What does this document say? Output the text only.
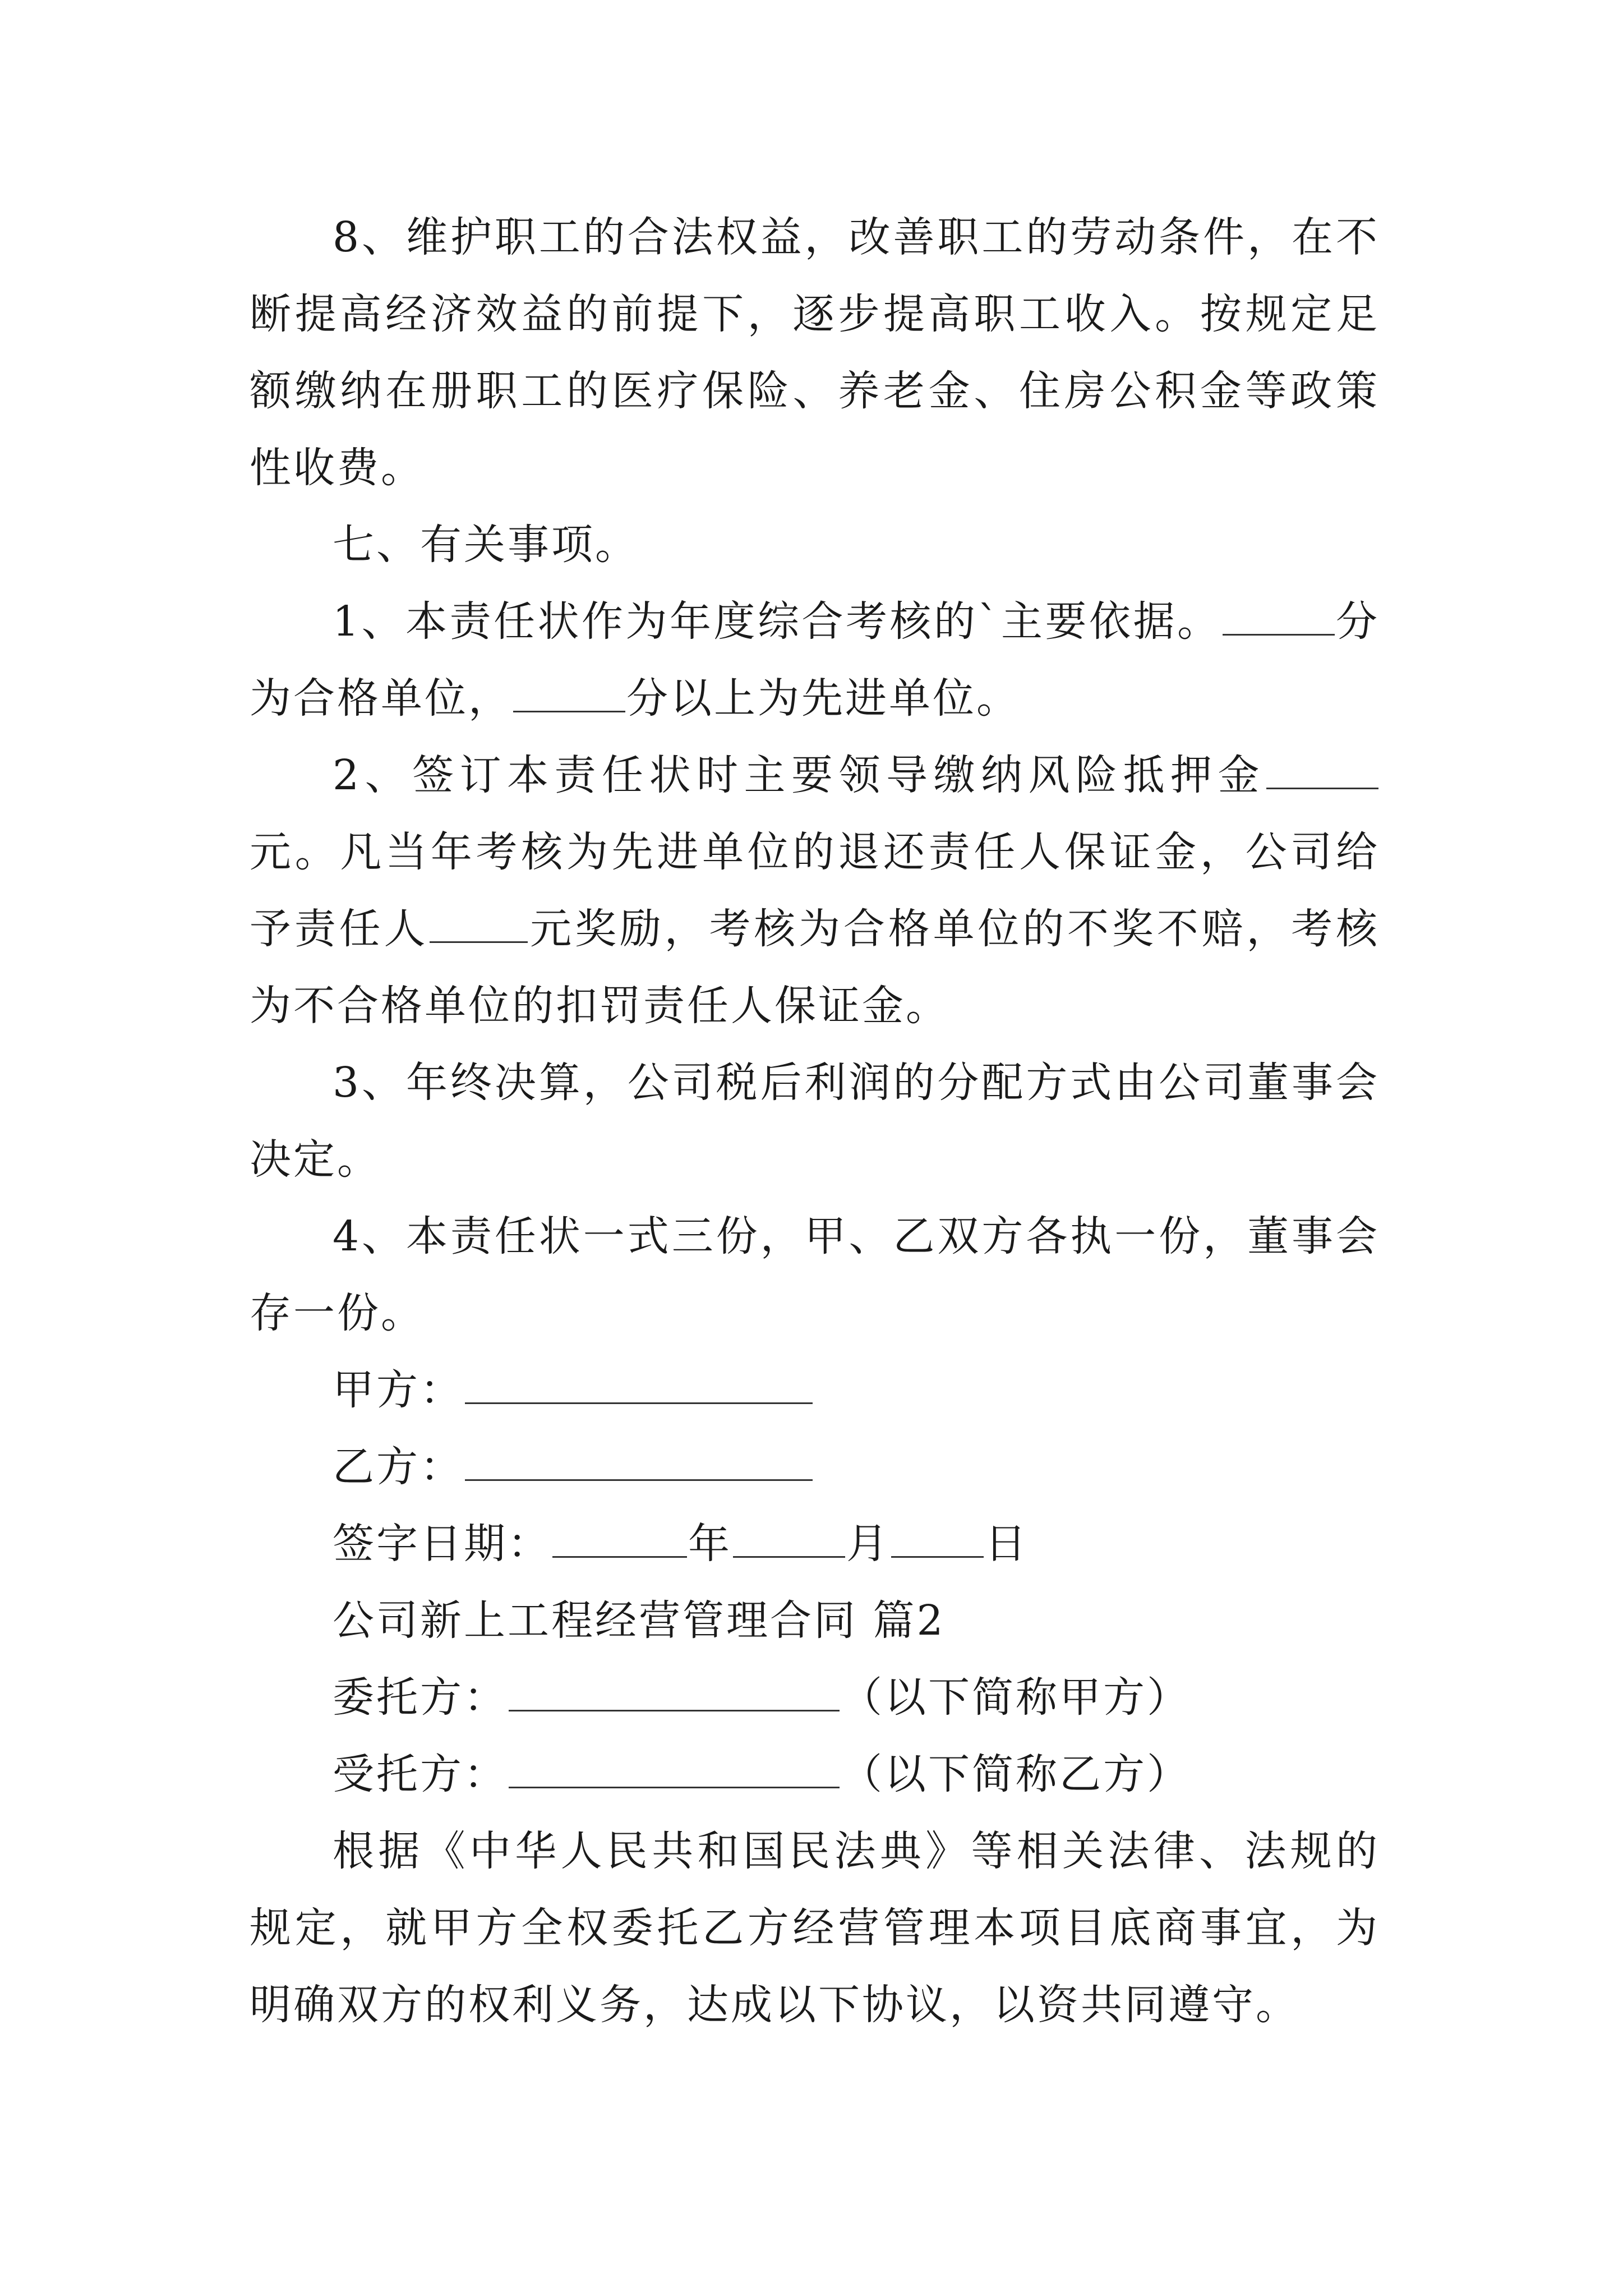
8、维护职工的合法权益，改善职工的劳动条件，在不断提高经济效益的前提下，逐步提高职工收入。按规定足额缴纳在册职工的医疗保险、养老金、住房公积金等政策性收费。

七、有关事项。

1、本责任状作为年度综合考核的`主要依据。	分为合格单位，	分以上为先进单位。

2、签订本责任状时主要领导缴纳风险抵押金元。凡当年考核为先进单位的退还责任人保证金，公司给予责任人 元奖励，考核为合格单位的不奖不赔，考核为不合格单位的扣罚责任人保证金。

3、年终决算，公司税后利润的分配方式由公司董事会决定。

4、本责任状一式三份，甲、乙双方各执一份，董事会存一份。

甲方：

乙方：

签字日期：	年	月 日

公司新上工程经营管理合同 篇2

委托方：	（以下简称甲方）

受托方：	（以下简称乙方）

根据《中华人民共和国民法典》等相关法律、法规的规定，就甲方全权委托乙方经营管理本项目底商事宜，为明确双方的权利义务，达成以下协议，以资共同遵守。
